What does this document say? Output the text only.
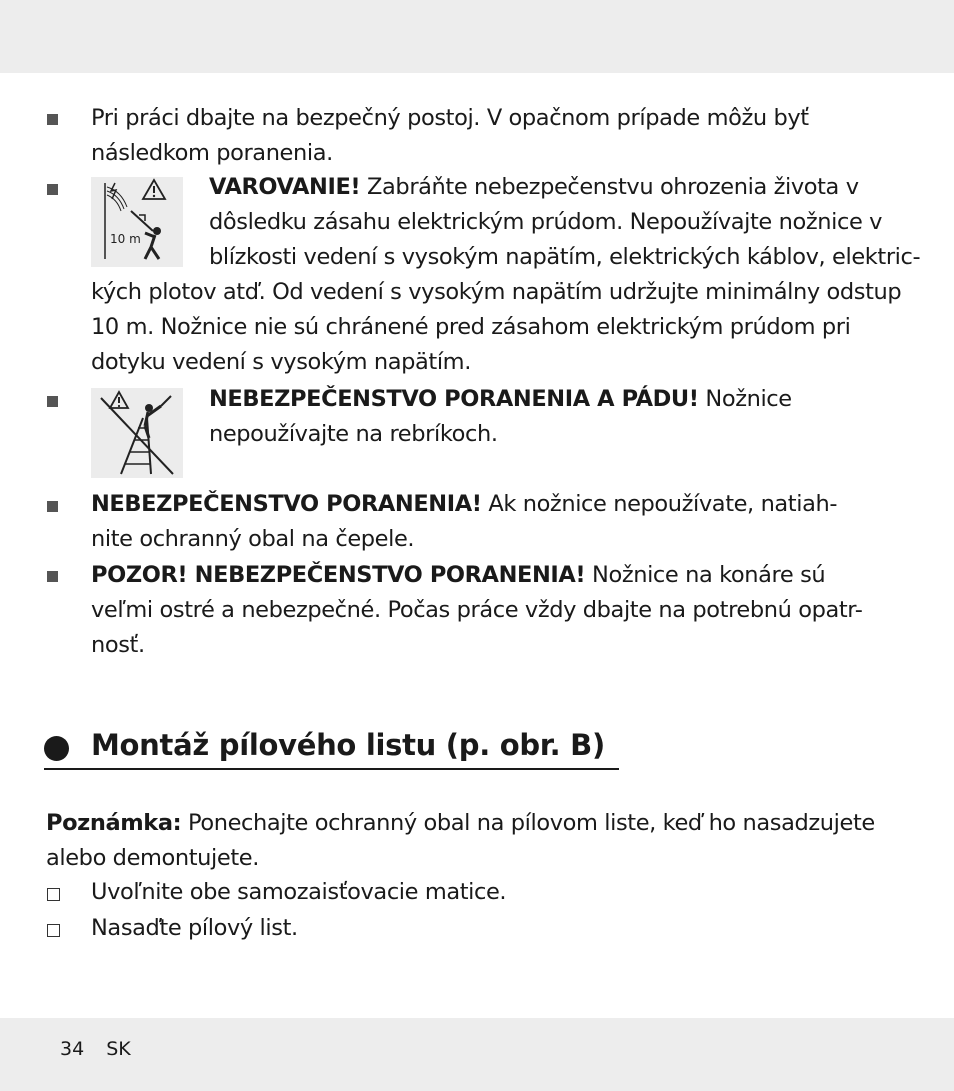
Pri práci dbajte na bezpečný postoj. V opačnom prípade môžu byť
následkom poranenia.
10 m
VAROVANIE! Zabráňte nebezpečenstvu ohrozenia života v
dôsledku zásahu elektrickým prúdom. Nepoužívajte nožnice v
blízkosti vedení s vysokým napätím, elektrických káblov, elektric-
kých plotov atď. Od vedení s vysokým napätím udržujte minimálny odstup
10 m. Nožnice nie sú chránené pred zásahom elektrickým prúdom pri
dotyku vedení s vysokým napätím.
NEBEZPEČENSTVO PORANENIA A PÁDU! Nožnice
nepoužívajte na rebríkoch.
NEBEZPEČENSTVO PORANENIA! Ak nožnice nepoužívate, natiah-
nite ochranný obal na čepele.
POZOR! NEBEZPEČENSTVO PORANENIA! Nožnice na konáre sú
veľmi ostré a nebezpečné. Počas práce vždy dbajte na potrebnú opatr-
nosť.
Montáž pílového listu (p. obr. B)
Poznámka: Ponechajte ochranný obal na pílovom liste, keď ho nasadzujete
alebo demontujete.
Uvoľnite obe samozaisťovacie matice.
Nasaďte pílový list.
34 SK
